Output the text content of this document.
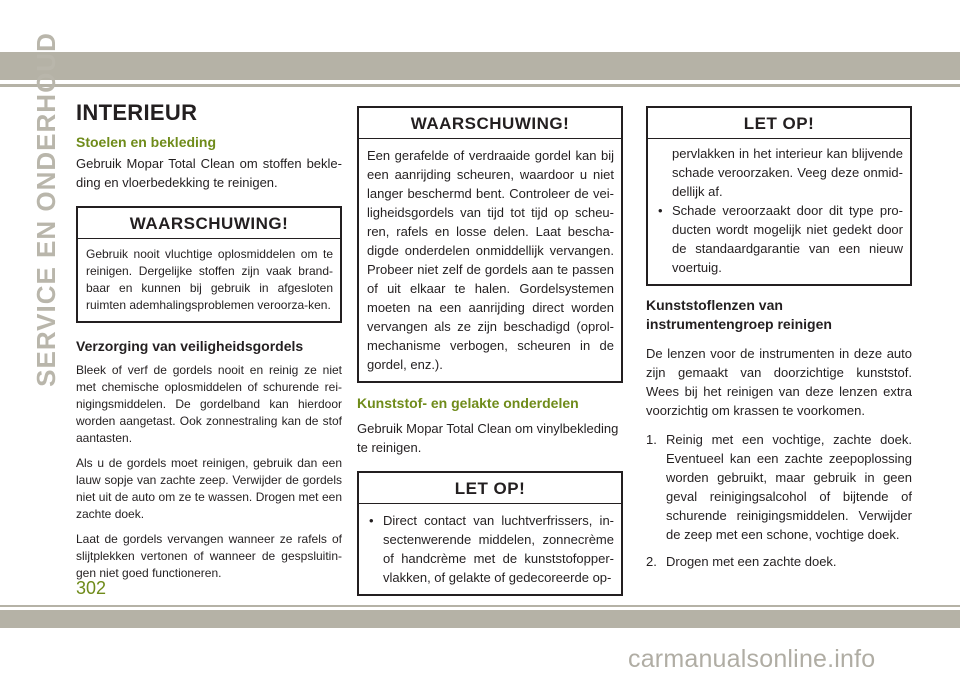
SERVICE EN ONDERHOUD INTERIEUR
Stoelen en bekleding

Gebruik Mopar Total Clean om stoffen bekle-ding en vloerbedekking te reinigen.

WAARSCHUWING!

Gebruik nooit vluchtige oplosmiddelen om te reinigen. Dergelijke stoffen zijn vaak brand-baar en kunnen bij gebruik in afgesloten ruimten ademhalingsproblemen veroorza-ken.

Verzorging van veiligheidsgordels

Bleek of verf de gordels nooit en reinig ze niet met chemische oplosmiddelen of schurende rei-nigingsmiddelen. De gordelband kan hierdoor worden aangetast. Ook zonnestraling kan de stof aantasten.

Als u de gordels moet reinigen, gebruik dan een lauw sopje van zachte zeep. Verwijder de gordels niet uit de auto om ze te wassen. Drogen met een zachte doek.

Laat de gordels vervangen wanneer ze rafels of slijtplekken vertonen of wanneer de gespsluitin-gen niet goed functioneren.

WAARSCHUWING!

Een gerafelde of verdraaide gordel kan bij een aanrijding scheuren, waardoor u niet langer beschermd bent. Controleer de vei-ligheidsgordels van tijd tot tijd op scheu-ren, rafels en losse delen. Laat bescha-digde onderdelen onmiddellijk vervangen. Probeer niet zelf de gordels aan te passen of uit elkaar te halen. Gordelsystemen moeten na een aanrijding direct worden vervangen als ze zijn beschadigd (oprol-mechanisme verbogen, scheuren in de gordel, enz.).

Kunststof- en gelakte onderdelen

Gebruik Mopar Total Clean om vinylbekleding te reinigen.

LET OP!
• Direct contact van luchtverfrissers, in-sectenwerende middelen, zonnecrème of handcrème met de kunststofopper-vlakken, of gelakte of gedecoreerde op-
LET OP!
pervlakken in het interieur kan blijvende schade veroorzaken. Veeg deze onmid-dellijk af.
• Schade veroorzaakt door dit type pro-ducten wordt mogelijk niet gedekt door de standaardgarantie van een nieuw voertuig.
Kunststoflenzen van instrumentengroep reinigen

De lenzen voor de instrumenten in deze auto zijn gemaakt van doorzichtige kunststof. Wees bij het reinigen van deze lenzen extra voorzichtig om krassen te voorkomen.

1. Reinig met een vochtige, zachte doek. Eventueel kan een zachte zeepoplossing worden gebruikt, maar gebruik in geen geval reinigingsalcohol of bijtende of schurende reinigingsmiddelen. Verwijder de zeep met een schone, vochtige doek.
2. Drogen met een zachte doek.
302
carmanualsonline.info
